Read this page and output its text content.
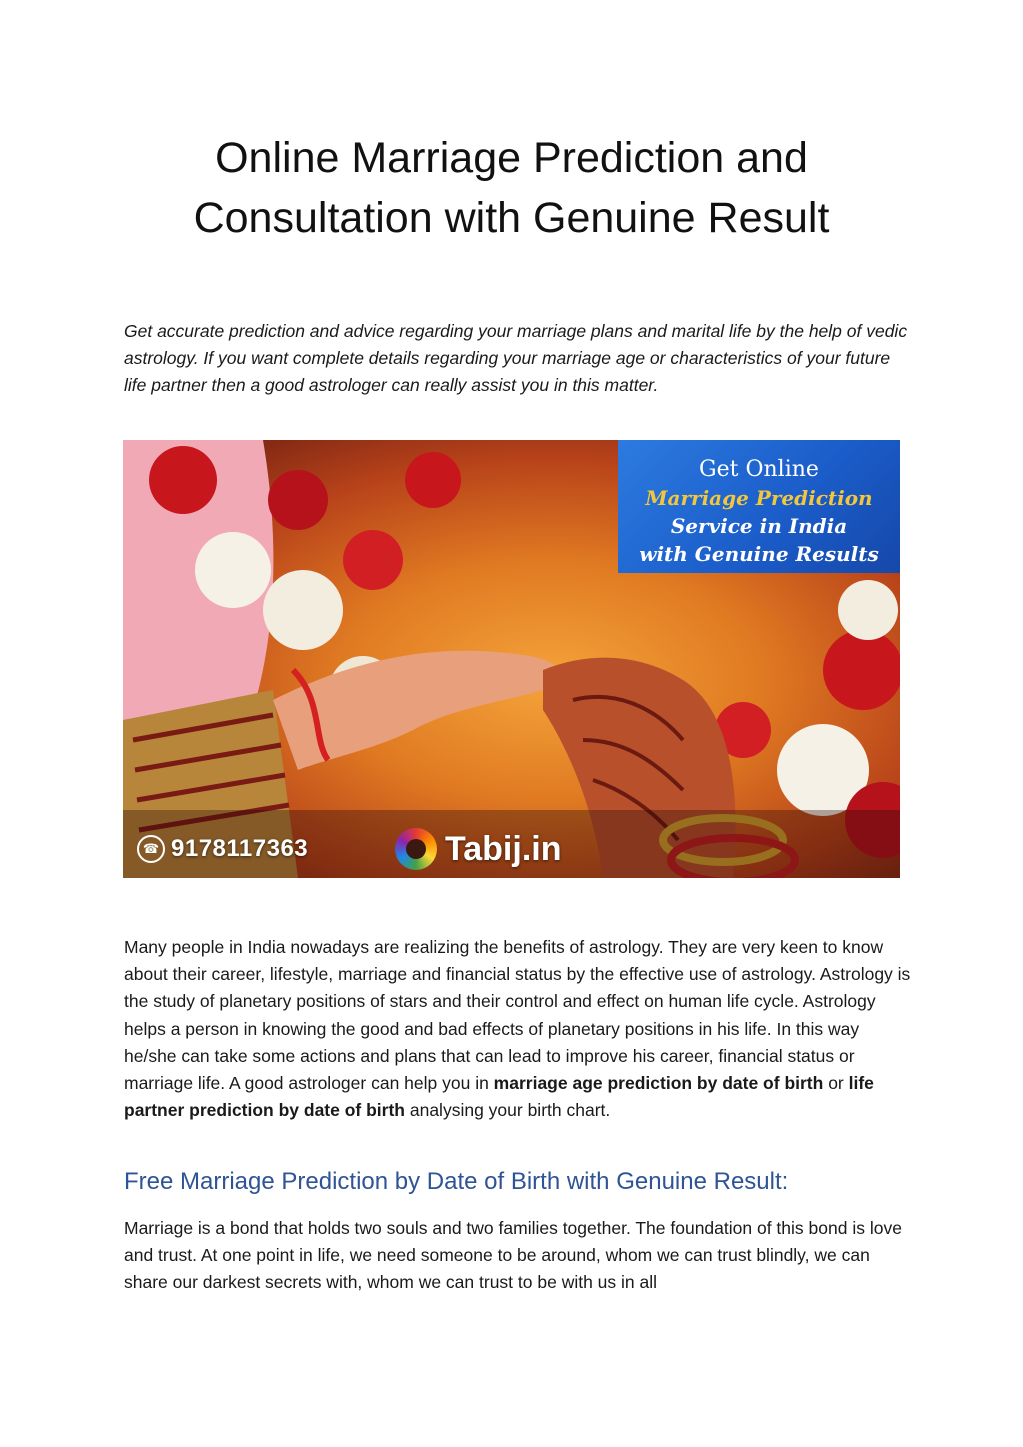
Online Marriage Prediction and
Consultation with Genuine Result

Get accurate prediction and advice regarding your marriage plans and marital life by the help of vedic astrology. If you want complete details regarding your marriage age or characteristics of your future life partner then a good astrologer can really assist you in this matter.

Get Online
Marriage Prediction Service in India
with Genuine Results
☎ 9178117363	Tabij.in

Many people in India nowadays are realizing the benefits of astrology. They are very keen to know about their career, lifestyle, marriage and financial status by the effective use of astrology. Astrology is the study of planetary positions of stars and their control and effect on human life cycle. Astrology helps a person in knowing the good and bad effects of planetary positions in his life. In this way he/she can take some actions and plans that can lead to improve his career, financial status or marriage life. A good astrologer can help you in marriage age prediction by date of birth or life partner prediction by date of birth analysing your birth chart.

Free Marriage Prediction by Date of Birth with Genuine Result:

Marriage is a bond that holds two souls and two families together. The foundation of this bond is love and trust. At one point in life, we need someone to be around, whom we can trust blindly, we can share our darkest secrets with, whom we can trust to be with us in all
